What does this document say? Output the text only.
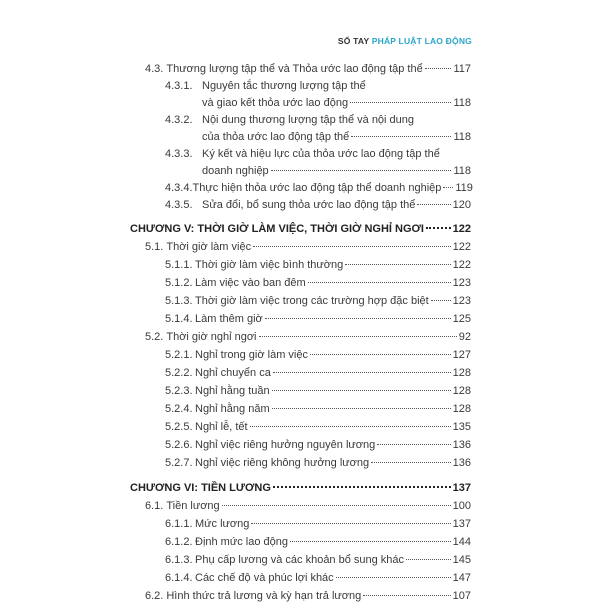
SỐ TAY PHÁP LUẬT LAO ĐỘNG
4.3. Thương lượng tập thể và Thỏa ước lao động tập thể	117
4.3.1. Nguyên tắc thương lượng tập thể
và giao kết thỏa ước lao động	118
4.3.2. Nội dung thương lượng tập thể và nội dung
của thỏa ước lao động tập thể	118
4.3.3. Ký kết và hiệu lực của thỏa ước lao động tập thể
doanh nghiệp	118
4.3.4. Thực hiện thỏa ước lao động tập thể doanh nghiệp 119
4.3.5. Sửa đổi, bổ sung thỏa ước lao động tập thể	120
CHƯƠNG V: THỜI GIỜ LÀM VIỆC, THỜI GIỜ NGHỈ NGƠI	122
5.1. Thời giờ làm việc	122
5.1.1. Thời giờ làm việc bình thường	122
5.1.2. Làm việc vào ban đêm	123
5.1.3. Thời giờ làm việc trong các trường hợp đặc biệt 123
5.1.4. Làm thêm giờ	125
5.2. Thời giờ nghỉ ngơi	92
5.2.1. Nghỉ trong giờ làm việc	127
5.2.2. Nghỉ chuyển ca	128
5.2.3. Nghỉ hằng tuần	128
5.2.4. Nghỉ hằng năm	128
5.2.5. Nghỉ lễ, tết	135
5.2.6. Nghỉ việc riêng hưởng nguyên lương	136
5.2.7. Nghỉ việc riêng không hưởng lương	136
CHƯƠNG VI: TIỀN LƯƠNG	137
6.1. Tiền lương	100
6.1.1. Mức lương	137
6.1.2. Định mức lao động	144
6.1.3. Phụ cấp lương và các khoản bổ sung khác	145
6.1.4. Các chế độ và phúc lợi khác	147
6.2. Hình thức trả lương và kỳ hạn trả lương	107
